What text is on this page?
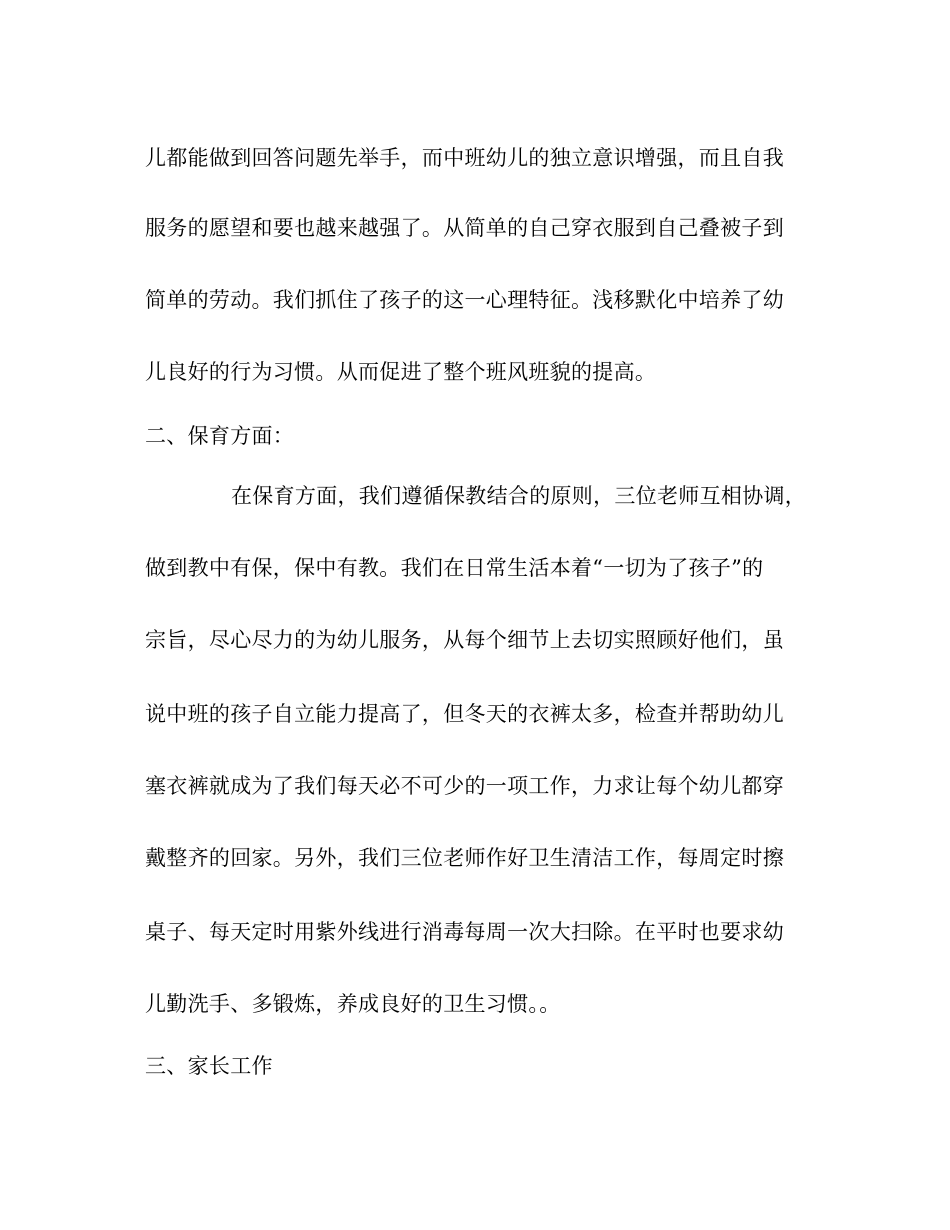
儿都能做到回答问题先举手，而中班幼儿的独立意识增强，而且自我
服务的愿望和要也越来越强了。从简单的自己穿衣服到自己叠被子到
简单的劳动。我们抓住了孩子的这一心理特征。浅移默化中培养了幼
儿良好的行为习惯。从而促进了整个班风班貌的提高。
二、保育方面：
在保育方面，我们遵循保教结合的原则，三位老师互相协调，
做到教中有保，保中有教。我们在日常生活本着“一切为了孩子”的
宗旨，尽心尽力的为幼儿服务，从每个细节上去切实照顾好他们，虽
说中班的孩子自立能力提高了，但冬天的衣裤太多，检查并帮助幼儿
塞衣裤就成为了我们每天必不可少的一项工作，力求让每个幼儿都穿
戴整齐的回家。另外，我们三位老师作好卫生清洁工作，每周定时擦
桌子、每天定时用紫外线进行消毒每周一次大扫除。在平时也要求幼
儿勤洗手、多锻炼，养成良好的卫生习惯。。
三、家长工作
